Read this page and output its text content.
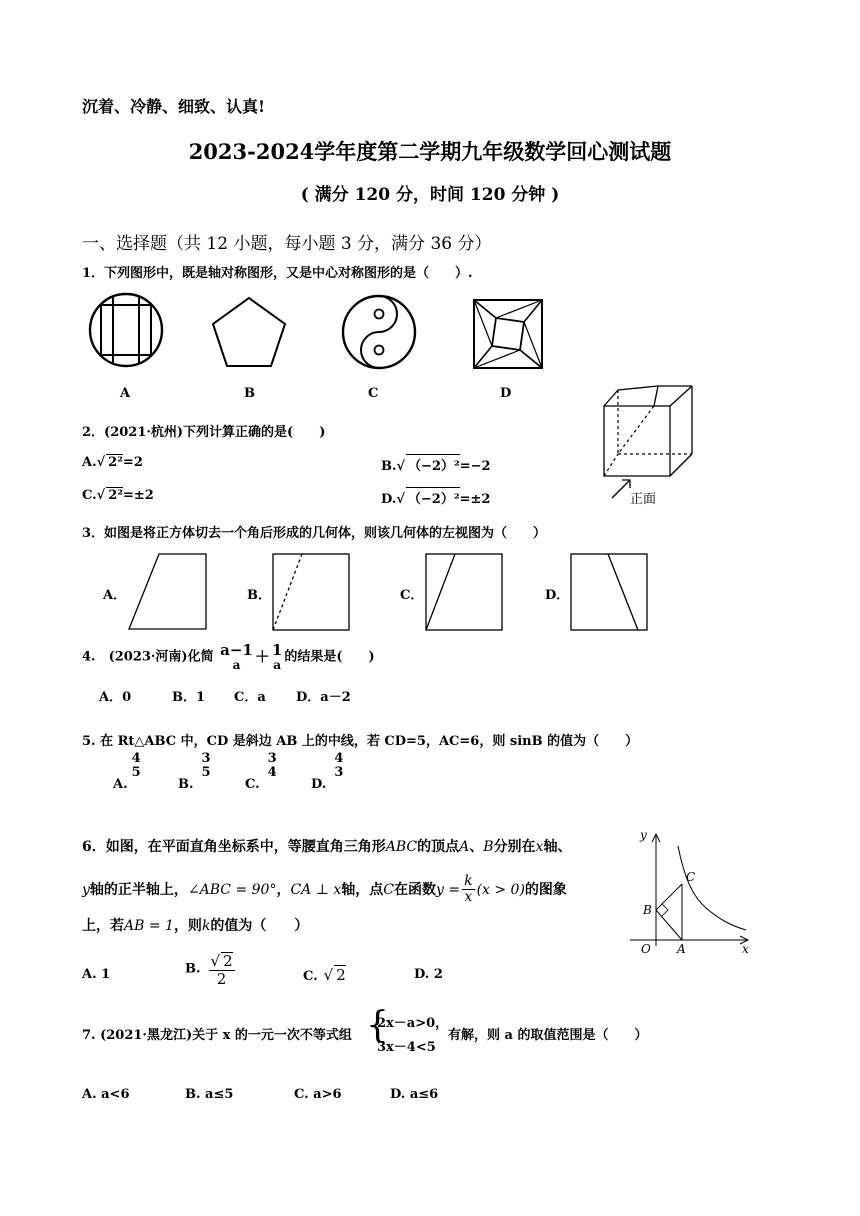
沉着、冷静、细致、认真!
2023-2024学年度第二学期九年级数学回心测试题
( 满分 120 分，时间 120 分钟 )
一、选择题（共 12 小题，每小题 3 分，满分 36 分）
1．下列图形中，既是轴对称图形，又是中心对称图形的是（　　）.
A	B	C	D
2．(2021·杭州)下列计算正确的是(　　)
A.√ 2²=2	B.√ （−2）²=−2
C.√ 2²=±2	D.√ （−2）²=±2	正面
3．如图是将正方体切去一个角后形成的几何体，则该几何体的左视图为（　　）
A．	B．	C．	D．
4.　(2023·河南)化简 a−1
a ＋ 1
a
的结果是(　　)
A．0	B．1 C．a D．a－2
5. 在 Rt△ABC 中，CD 是斜边 AB 上的中线，若 CD=5，AC=6，则 sinB 的值为（　　）
A.
4
5
B.
3
5
C.
3
4
D.
4
3
6．如图，在平面直角坐标系中，等腰直角三角形ABC的顶点A、B分别在x轴、
y轴的正半轴上，∠ABC = 90°，CA ⊥ x轴，点C在函数$y = \frac{k}{x} (x > 0)$的图象
上，若AB = 1，则k的值为（　　）
y
x
O A
B
C
A. 1	B. $\frac{√ 2}{2}$	C. √ 2	D. 2
7. (2021·黑龙江)关于 x 的一元一次不等式组 {
2x－a>0，
3x－4<5
有解，则 a 的取值范围是（　　）
A. a<6	B. a≤5	C. a>6	D. a≤6
